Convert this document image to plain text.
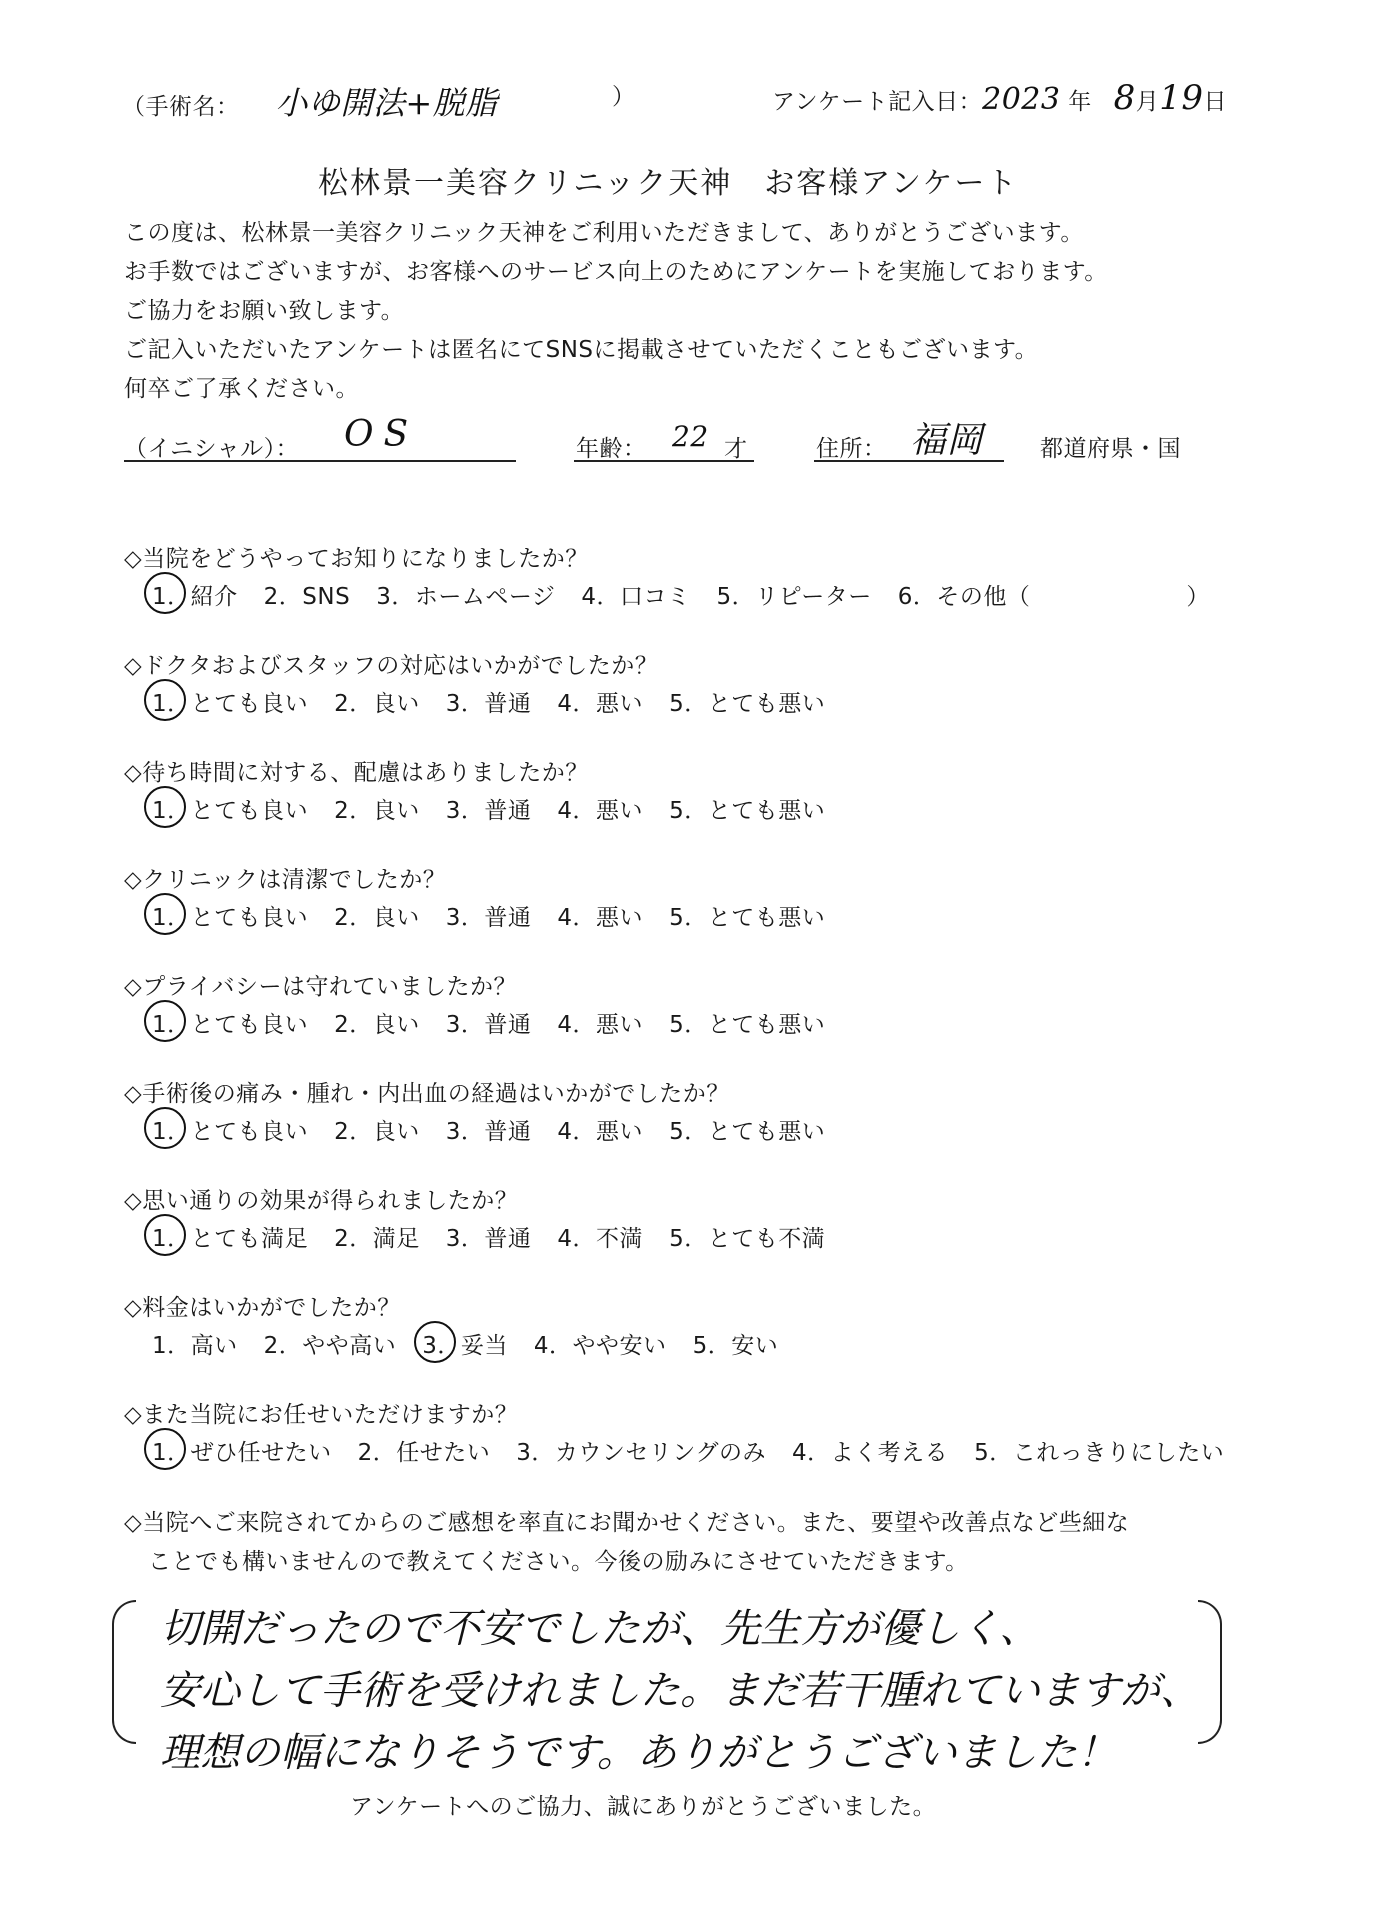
（手術名： 小ゆ開法+脱脂	）	アンケート記入日：2023 年 8月19日
松林景一美容クリニック天神　お客様アンケート

この度は、松林景一美容クリニック天神をご利用いただきまして、ありがとうございます。

お手数ではございますが、お客様へのサービス向上のためにアンケートを実施しております。

ご協力をお願い致します。

ご記入いただいたアンケートは匿名にてSNSに掲載させていただくこともございます。

何卒ご了承ください。

（イニシャル）： OS	年齢： 22 才	住所： 福岡 都道府県・国
◇当院をどうやってお知りになりましたか？
1．紹介 2．SNS 3．ホームページ 4．口コミ 5．リピーター 6．その他（	）
◇ドクタおよびスタッフの対応はいかがでしたか？
1．とても良い 2．良い 3．普通 4．悪い 5．とても悪い
◇待ち時間に対する、配慮はありましたか？
1．とても良い 2．良い 3．普通 4．悪い 5．とても悪い
◇クリニックは清潔でしたか？
1．とても良い 2．良い 3．普通 4．悪い 5．とても悪い
◇プライバシーは守れていましたか？
1．とても良い 2．良い 3．普通 4．悪い 5．とても悪い
◇手術後の痛み・腫れ・内出血の経過はいかがでしたか？
1．とても良い 2．良い 3．普通 4．悪い 5．とても悪い
◇思い通りの効果が得られましたか？
1．とても満足 2．満足 3．普通 4．不満 5．とても不満
◇料金はいかがでしたか？
1．高い 2．やや高い 3．妥当 4．やや安い 5．安い
◇また当院にお任せいただけますか？
1．ぜひ任せたい 2．任せたい 3．カウンセリングのみ 4．よく考える 5．これっきりにしたい
◇当院へご来院されてからのご感想を率直にお聞かせください。また、要望や改善点など些細な
ことでも構いませんので教えてください。今後の励みにさせていただきます。
切開だったので不安でしたが、先生方が優しく、
安心して手術を受けれました。まだ若干腫れていますが、
理想の幅になりそうです。ありがとうございました！
アンケートへのご協力、誠にありがとうございました。
